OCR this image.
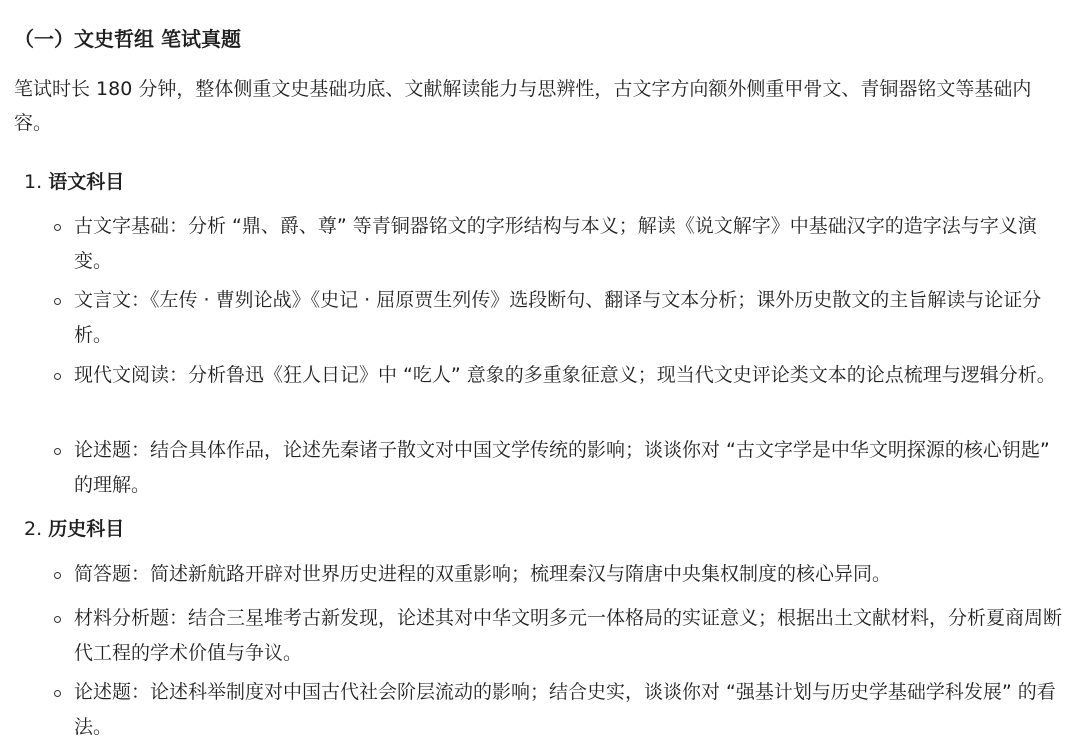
（一）文史哲组 笔试真题
笔试时长 180 分钟，整体侧重文史基础功底、文献解读能力与思辨性，古文字方向额外侧重甲骨文、青铜器铭文等基础内容。
1. 语文科目
古文字基础：分析 “鼎、爵、尊” 等青铜器铭文的字形结构与本义；解读《说文解字》中基础汉字的造字法与字义演变。
文言文：《左传 · 曹刿论战》《史记 · 屈原贾生列传》选段断句、翻译与文本分析；课外历史散文的主旨解读与论证分析。
现代文阅读：分析鲁迅《狂人日记》中 “吃人” 意象的多重象征意义；现当代文史评论类文本的论点梳理与逻辑分析。
论述题：结合具体作品，论述先秦诸子散文对中国文学传统的影响；谈谈你对 “古文字学是中华文明探源的核心钥匙” 的理解。
2. 历史科目
简答题：简述新航路开辟对世界历史进程的双重影响；梳理秦汉与隋唐中央集权制度的核心异同。
材料分析题：结合三星堆考古新发现，论述其对中华文明多元一体格局的实证意义；根据出土文献材料，分析夏商周断代工程的学术价值与争议。
论述题：论述科举制度对中国古代社会阶层流动的影响；结合史实，谈谈你对 “强基计划与历史学基础学科发展” 的看法。
